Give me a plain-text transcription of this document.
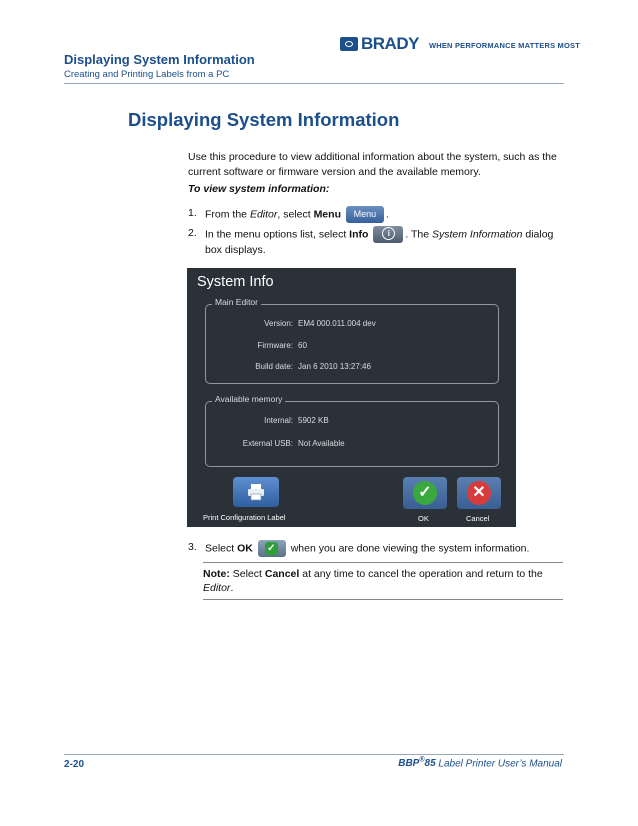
Displaying System Information
Creating and Printing Labels from a PC
BRADY WHEN PERFORMANCE MATTERS MOST
Displaying System Information
Use this procedure to view additional information about the system, such as the current software or firmware version and the available memory.
To view system information:
1. From the Editor, select Menu Menu .
2. In the menu options list, select Info i	. The System Information dialog box displays.
System Info
Main Editor
Version: EM4 000.011.004 dev
Firmware: 60
Build date: Jan 6 2010 13:27:46
Available memory
Internal: 5902 KB
External USB: Not Available
Print Configuration Label
✓
OK
✕
Cancel
3. Select OK ✓ when you are done viewing the system information.
Note: Select Cancel at any time to cancel the operation and return to the Editor.
2-20	BBP®85 Label Printer User’s Manual
